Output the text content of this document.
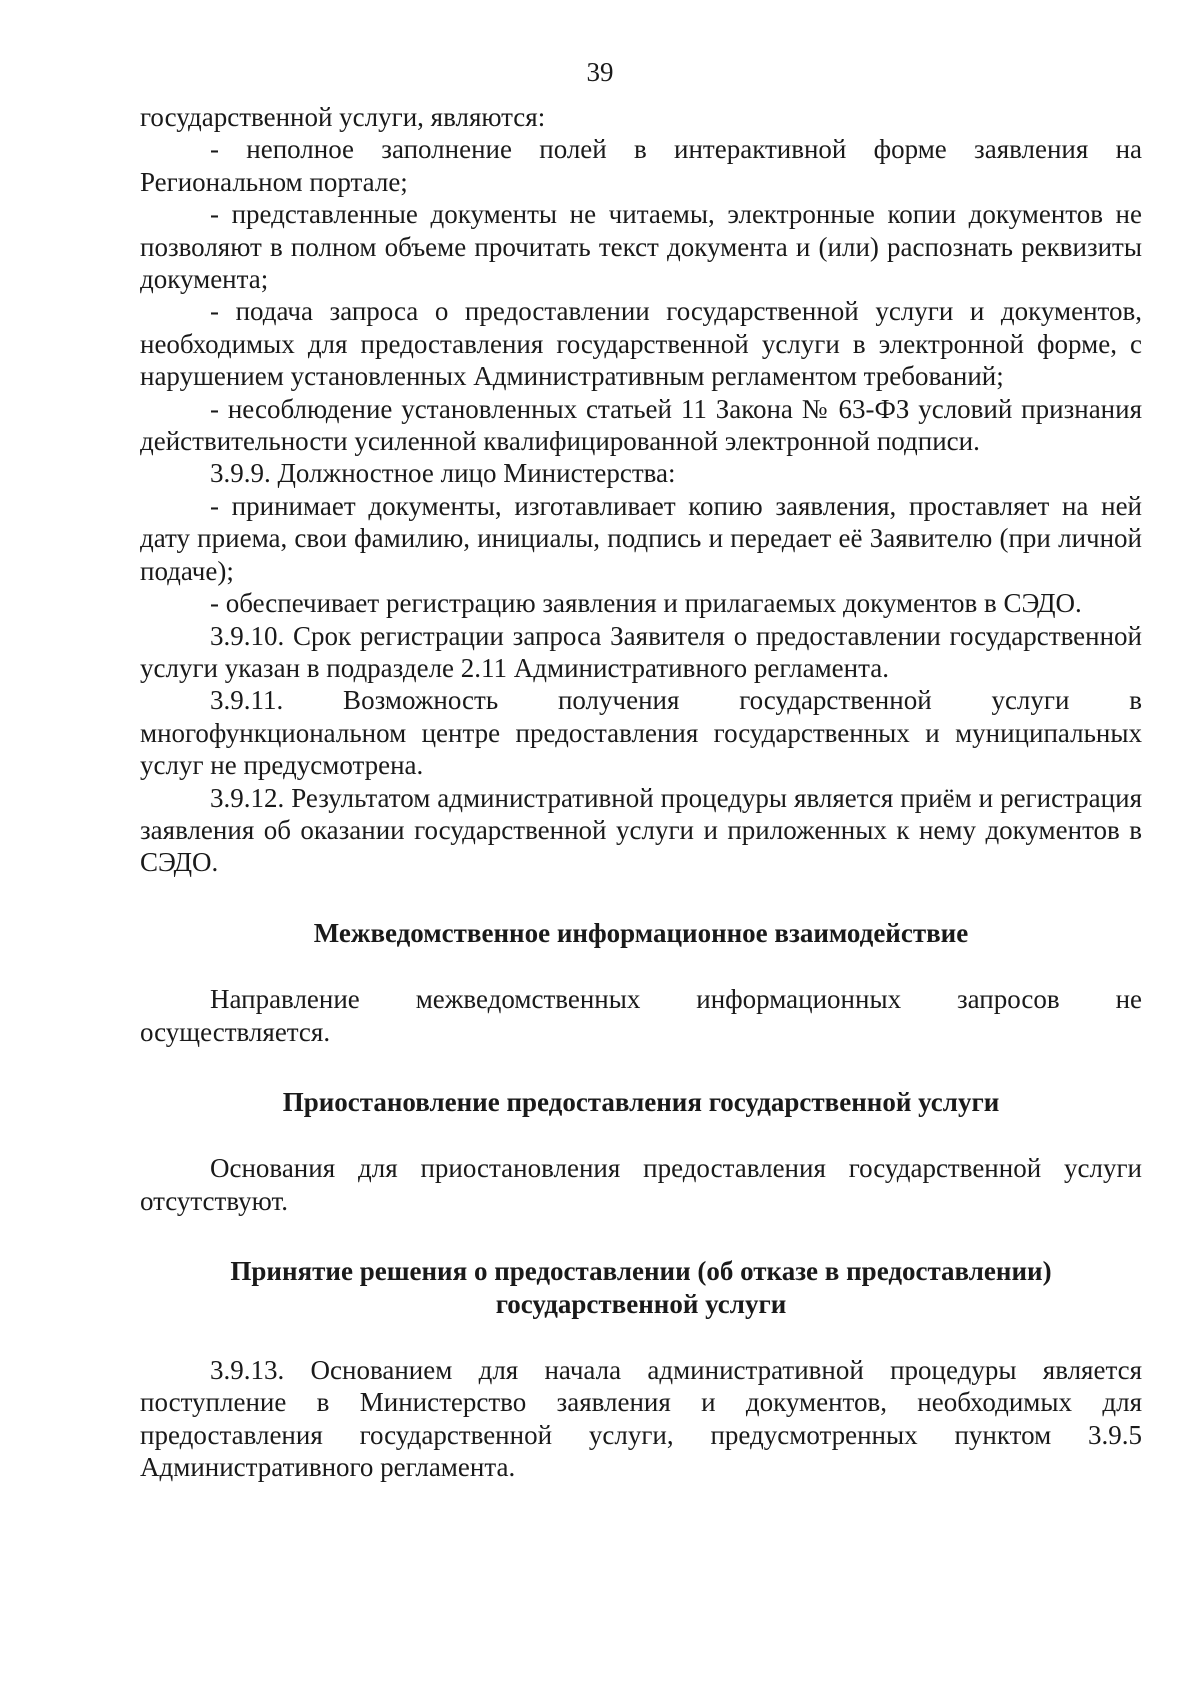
39

государственной услуги, являются:

- неполное заполнение полей в интерактивной форме заявления на Региональном портале;

- представленные документы не читаемы, электронные копии документов не позволяют в полном объеме прочитать текст документа и (или) распознать реквизиты документа;

- подача запроса о предоставлении государственной услуги и документов, необходимых для предоставления государственной услуги в электронной форме, с нарушением установленных Административным регламентом требований;

- несоблюдение установленных статьей 11 Закона № 63-ФЗ условий признания действительности усиленной квалифицированной электронной подписи.

3.9.9. Должностное лицо Министерства:

- принимает документы, изготавливает копию заявления, проставляет на ней дату приема, свои фамилию, инициалы, подпись и передает её Заявителю (при личной подаче);

- обеспечивает регистрацию заявления и прилагаемых документов в СЭДО.

3.9.10. Срок регистрации запроса Заявителя о предоставлении государственной услуги указан в подразделе 2.11 Административного регламента.

3.9.11. Возможность получения государственной услуги в многофункциональном центре предоставления государственных и муниципальных услуг не предусмотрена.

3.9.12. Результатом административной процедуры является приём и регистрация заявления об оказании государственной услуги и приложенных к нему документов в СЭДО.

Межведомственное информационное взаимодействие

Направление межведомственных информационных запросов не осуществляется.

Приостановление предоставления государственной услуги

Основания для приостановления предоставления государственной услуги отсутствуют.

Принятие решения о предоставлении (об отказе в предоставлении)

государственной услуги

3.9.13. Основанием для начала административной процедуры является поступление в Министерство заявления и документов, необходимых для предоставления государственной услуги, предусмотренных пунктом 3.9.5 Административного регламента.
